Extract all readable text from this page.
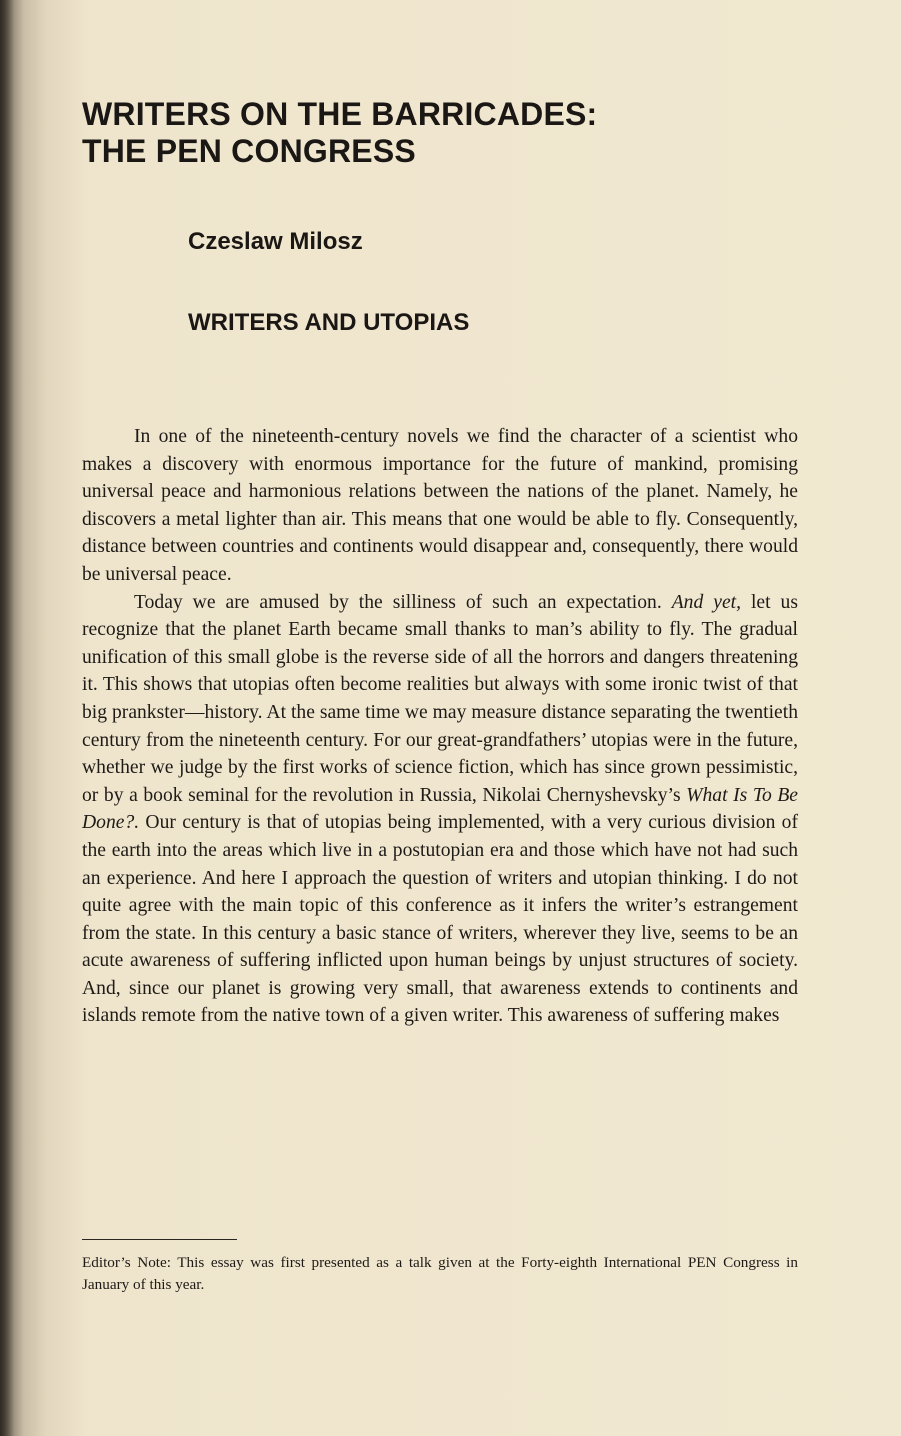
WRITERS ON THE BARRICADES:
THE PEN CONGRESS
Czeslaw Milosz
WRITERS AND UTOPIAS

In one of the nineteenth-century novels we find the character of a scientist who makes a discovery with enormous importance for the future of mankind, promising universal peace and harmonious relations between the nations of the planet. Namely, he discovers a metal lighter than air. This means that one would be able to fly. Consequently, distance between countries and continents would disappear and, consequently, there would be universal peace.

Today we are amused by the silliness of such an expectation. And yet, let us recognize that the planet Earth became small thanks to man’s ability to fly. The gradual unification of this small globe is the reverse side of all the horrors and dangers threatening it. This shows that utopias often become realities but always with some ironic twist of that big prankster—history. At the same time we may measure distance separating the twentieth century from the nineteenth century. For our great-grandfathers’ utopias were in the future, whether we judge by the first works of science fiction, which has since grown pessimistic, or by a book seminal for the revolution in Russia, Nikolai Chernyshevsky’s What Is To Be Done?. Our century is that of utopias being implemented, with a very curious division of the earth into the areas which live in a postutopian era and those which have not had such an experience. And here I approach the question of writers and utopian thinking. I do not quite agree with the main topic of this conference as it infers the writer’s estrangement from the state. In this century a basic stance of writers, wherever they live, seems to be an acute awareness of suffering inflicted upon human beings by unjust structures of society. And, since our planet is growing very small, that awareness extends to continents and islands remote from the native town of a given writer. This awareness of suffering makes

Editor’s Note: This essay was first presented as a talk given at the Forty-eighth International PEN Congress in January of this year.
